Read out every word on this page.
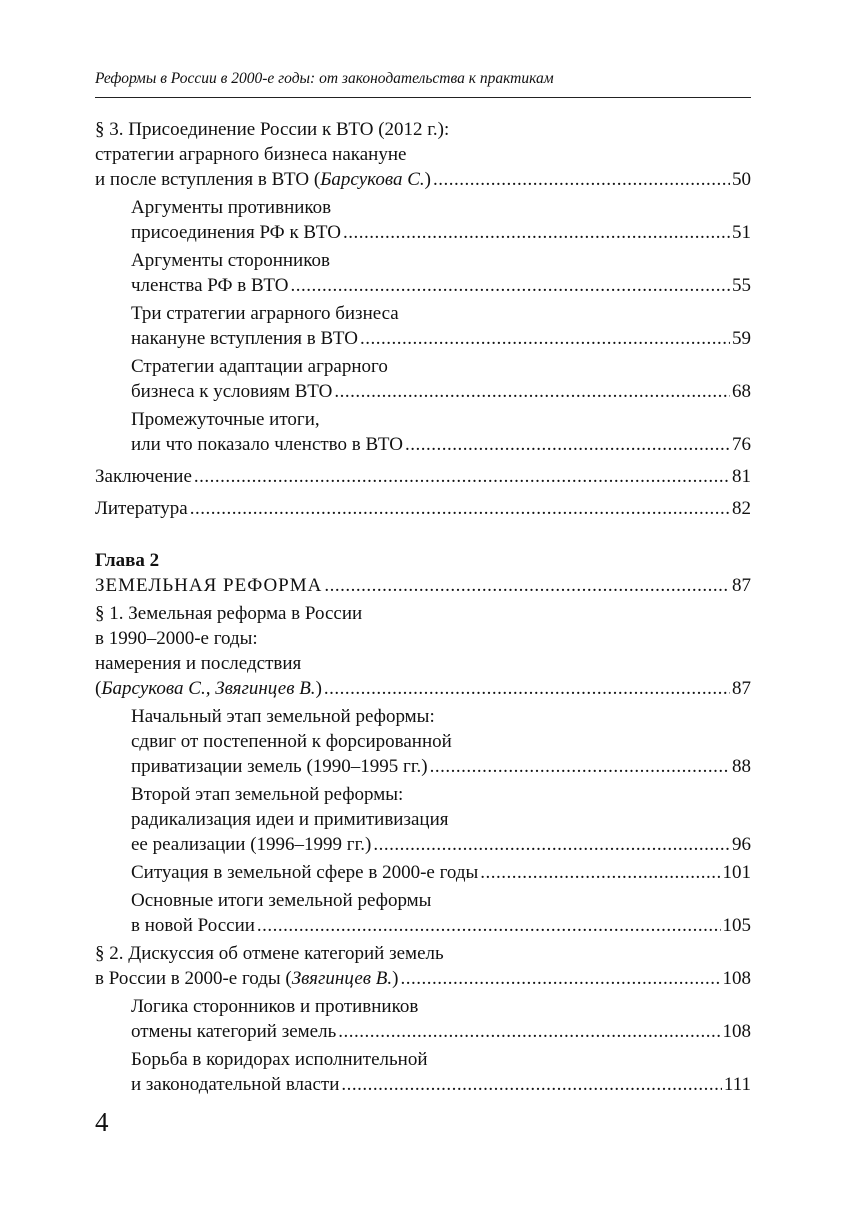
Реформы в России в 2000-е годы: от законодательства к практикам
§ 3. Присоединение России к ВТО (2012 г.):
стратегии аграрного бизнеса накануне
и после вступления в ВТО (Барсукова С.) .....	50
Аргументы противников
присоединения РФ к ВТО .....	51
Аргументы сторонников
членства РФ в ВТО .....	55
Три стратегии аграрного бизнеса
накануне вступления в ВТО .....	59
Стратегии адаптации аграрного
бизнеса к условиям ВТО .....	68
Промежуточные итоги,
или что показало членство в ВТО .....	76
Заключение .....	81
Литература .....	82
Глава 2
ЗЕМЕЛЬНАЯ РЕФОРМА .....	87
§ 1. Земельная реформа в России
в 1990–2000-е годы:
намерения и последствия
(Барсукова С., Звягинцев В.) .....	87
Начальный этап земельной реформы:
сдвиг от постепенной к форсированной
приватизации земель (1990–1995 гг.) .....	88
Второй этап земельной реформы:
радикализация идеи и примитивизация
ее реализации (1996–1999 гг.) .....	96
Ситуация в земельной сфере в 2000-е годы .....	101
Основные итоги земельной реформы
в новой России .....	105
§ 2. Дискуссия об отмене категорий земель
в России в 2000-е годы (Звягинцев В.) .....	108
Логика сторонников и противников
отмены категорий земель .....	108
Борьба в коридорах исполнительной
и законодательной власти .....	111
4
